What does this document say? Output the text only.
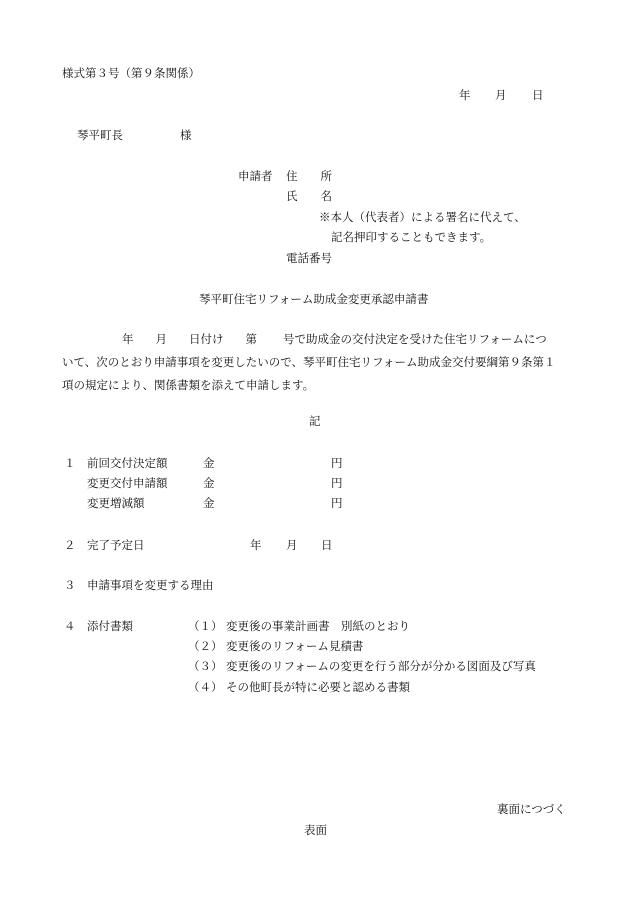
様式第３号（第９条関係）
年 月 日
琴平町長	様
申請者 住　　所
氏　　名
※本人（代表者）による署名に代えて、
記名押印することもできます。
電話番号
琴平町住宅リフォーム助成金変更承認申請書
年 月 日付け 第 号で助成金の交付決定を受けた住宅リフォームにつ
いて、次のとおり申請事項を変更したいので、琴平町住宅リフォーム助成金交付要綱第９条第１
項の規定により、関係書類を添えて申請します。
記
１ 前回交付決定額	金	円
変更交付申請額	金	円
変更増減額	金	円
２ 完了予定日	年 月 日
３ 申請事項を変更する理由
４ 添付書類	（１） 変更後の事業計画書　別紙のとおり
（２） 変更後のリフォーム見積書
（３） 変更後のリフォームの変更を行う部分が分かる図面及び写真
（４） その他町長が特に必要と認める書類
裏面につづく
表面
